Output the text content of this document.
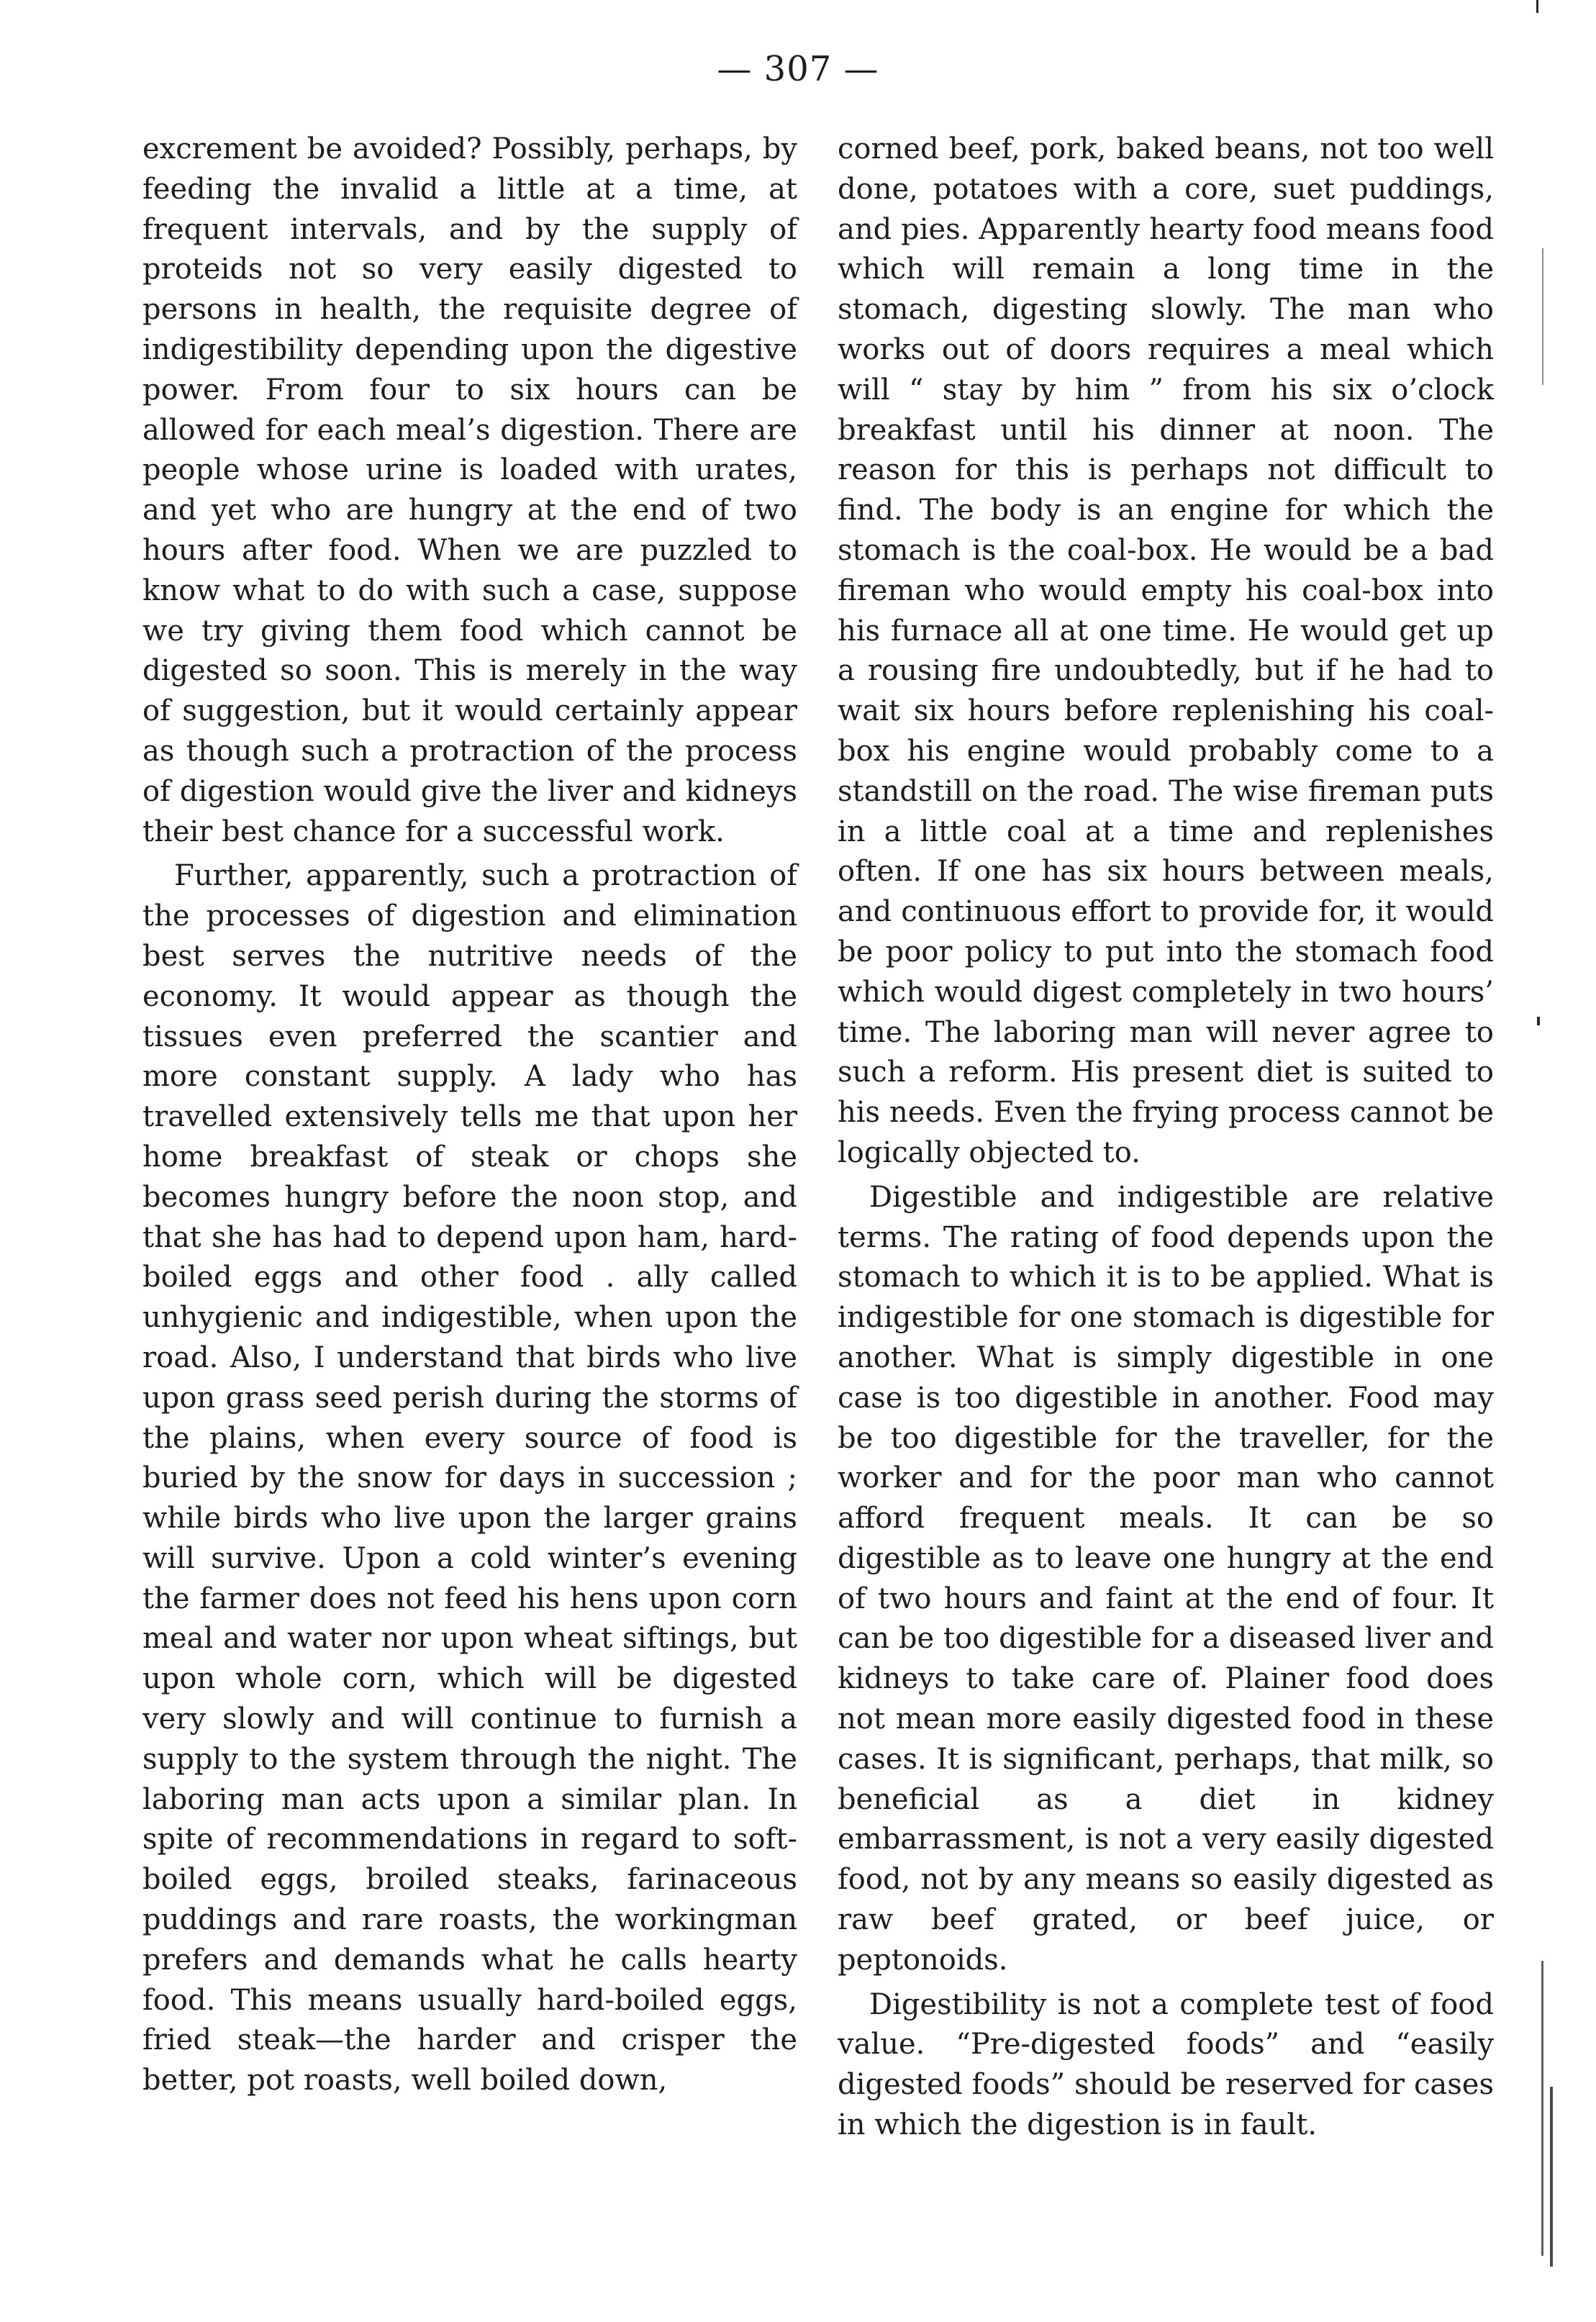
— 307 —

excrement be avoided? Possibly, perhaps, by feeding the invalid a little at a time, at frequent intervals, and by the supply of proteids not so very easily digested to persons in health, the requisite degree of indigestibility depending upon the digestive power. From four to six hours can be allowed for each meal’s digestion. There are people whose urine is loaded with urates, and yet who are hungry at the end of two hours after food. When we are puzzled to know what to do with such a case, suppose we try giving them food which cannot be digested so soon. This is merely in the way of suggestion, but it would certainly appear as though such a protraction of the process of digestion would give the liver and kidneys their best chance for a successful work.

Further, apparently, such a protraction of the processes of digestion and elimination best serves the nutritive needs of the economy. It would appear as though the tissues even preferred the scantier and more constant supply. A lady who has travelled extensively tells me that upon her home breakfast of steak or chops she becomes hungry before the noon stop, and that she has had to depend upon ham, hard-boiled eggs and other food . ally called unhygienic and indigestible, when upon the road. Also, I understand that birds who live upon grass seed perish during the storms of the plains, when every source of food is buried by the snow for days in succession ; while birds who live upon the larger grains will survive. Upon a cold winter’s evening the farmer does not feed his hens upon corn meal and water nor upon wheat siftings, but upon whole corn, which will be digested very slowly and will continue to furnish a supply to the system through the night. The laboring man acts upon a similar plan. In spite of recommendations in regard to soft-boiled eggs, broiled steaks, farinaceous puddings and rare roasts, the workingman prefers and demands what he calls hearty food. This means usually hard-boiled eggs, fried steak—the harder and crisper the better, pot roasts, well boiled down,

corned beef, pork, baked beans, not too well done, potatoes with a core, suet puddings, and pies. Apparently hearty food means food which will remain a long time in the stomach, digesting slowly. The man who works out of doors requires a meal which will “ stay by him ” from his six o’clock breakfast until his dinner at noon. The reason for this is perhaps not difficult to find. The body is an engine for which the stomach is the coal-box. He would be a bad fireman who would empty his coal-box into his furnace all at one time. He would get up a rousing fire undoubtedly, but if he had to wait six hours before replenishing his coal-box his engine would probably come to a standstill on the road. The wise fireman puts in a little coal at a time and replenishes often. If one has six hours between meals, and continuous effort to provide for, it would be poor policy to put into the stomach food which would digest completely in two hours’ time. The laboring man will never agree to such a reform. His present diet is suited to his needs. Even the frying process cannot be logically objected to.

Digestible and indigestible are relative terms. The rating of food depends upon the stomach to which it is to be applied. What is indigestible for one stomach is digestible for another. What is simply digestible in one case is too digestible in another. Food may be too digestible for the traveller, for the worker and for the poor man who cannot afford frequent meals. It can be so digestible as to leave one hungry at the end of two hours and faint at the end of four. It can be too digestible for a diseased liver and kidneys to take care of. Plainer food does not mean more easily digested food in these cases. It is significant, perhaps, that milk, so beneficial as a diet in kidney embarrassment, is not a very easily digested food, not by any means so easily digested as raw beef grated, or beef juice, or peptonoids.

Digestibility is not a complete test of food value. “Pre-digested foods” and “easily digested foods” should be reserved for cases in which the digestion is in fault.
